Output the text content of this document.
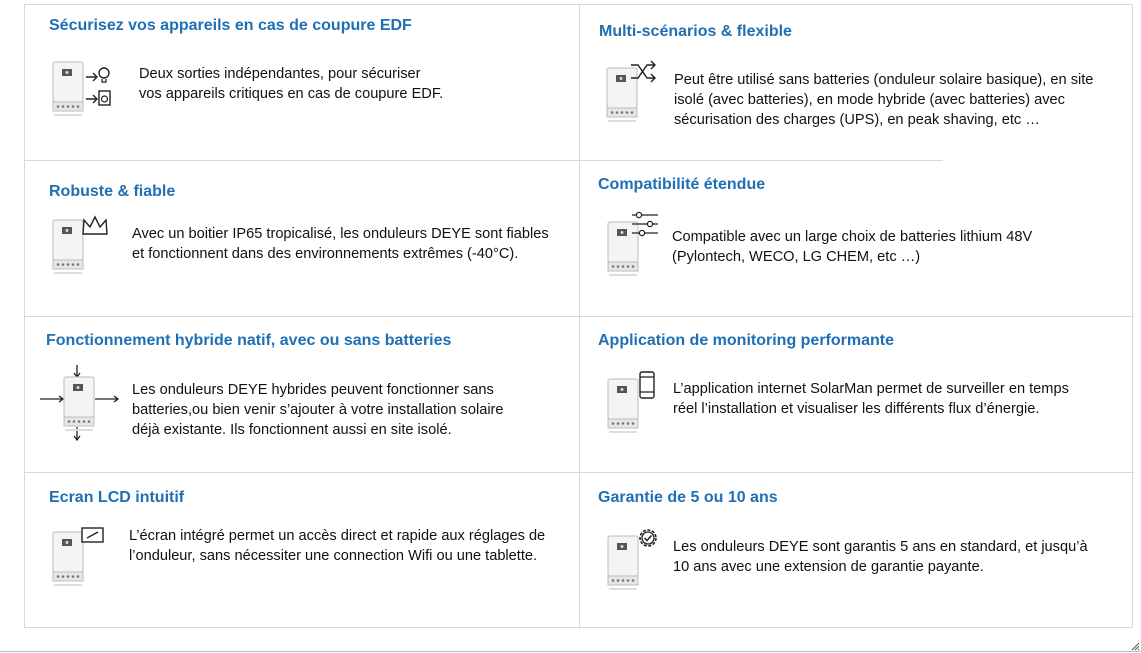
Sécurisez vos appareils en cas de coupure EDF

Deux sorties indépendantes, pour sécuriser
vos appareils critiques en cas de coupure EDF.

Multi-scénarios & flexible

Peut être utilisé sans batteries (onduleur solaire basique), en site
isolé (avec batteries), en mode hybride (avec batteries) avec
sécurisation des charges (UPS), en peak shaving, etc …

Robuste & fiable

Avec un boitier IP65 tropicalisé, les onduleurs DEYE sont fiables
et fonctionnent dans des environnements extrêmes (-40°C).

Compatibilité étendue

Compatible avec un large choix de batteries lithium 48V
(Pylontech, WECO, LG CHEM, etc …)

Fonctionnement hybride natif, avec ou sans batteries

Les onduleurs DEYE hybrides peuvent fonctionner sans
batteries,ou bien venir s’ajouter à votre installation solaire
déjà existante. Ils fonctionnent aussi en site isolé.

Application de monitoring performante

L’application internet SolarMan permet de surveiller en temps
réel l’installation et visualiser les différents flux d’énergie.

Ecran LCD intuitif

L’écran intégré permet un accès direct et rapide aux réglages de
l’onduleur, sans nécessiter une connection Wifi ou une tablette.

Garantie de 5 ou 10 ans

Les onduleurs DEYE sont garantis 5 ans en standard, et jusqu’à
10 ans avec une extension de garantie payante.
